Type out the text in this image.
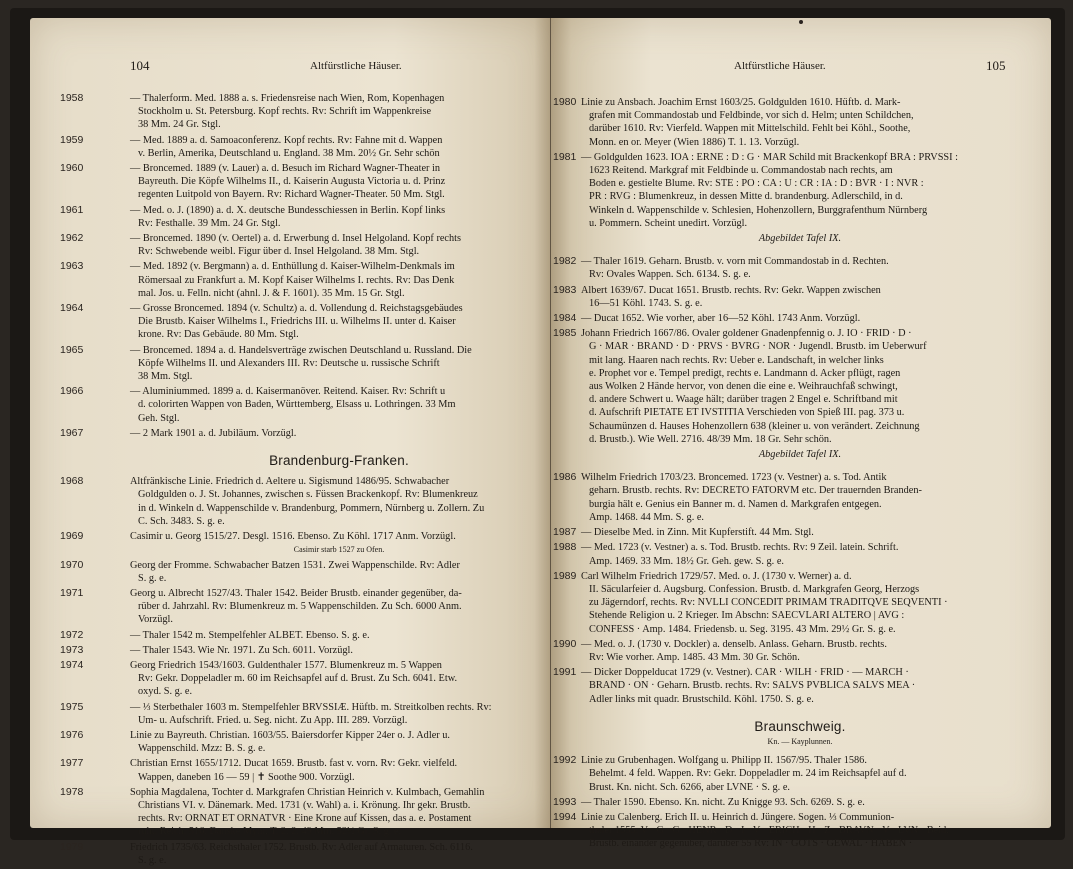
104	Altfürstliche Häuser.
1958	— Thalerform. Med. 1888 a. s. Friedensreise nach Wien, Rom, Kopenhagen
Stockholm u. St. Petersburg. Kopf rechts. Rv: Schrift im Wappenkreise
38 Mm. 24 Gr. Stgl.
1959	— Med. 1889 a. d. Samoaconferenz. Kopf rechts. Rv: Fahne mit d. Wappen
v. Berlin, Amerika, Deutschland u. England. 38 Mm. 20½ Gr. Sehr schön
1960	— Broncemed. 1889 (v. Lauer) a. d. Besuch im Richard Wagner-Theater in
Bayreuth. Die Köpfe Wilhelms II., d. Kaiserin Augusta Victoria u. d. Prinz
regenten Luitpold von Bayern. Rv: Richard Wagner-Theater. 50 Mm. Stgl.
1961	— Med. o. J. (1890) a. d. X. deutsche Bundesschiessen in Berlin. Kopf links
Rv: Festhalle. 39 Mm. 24 Gr. Stgl.
1962	— Broncemed. 1890 (v. Oertel) a. d. Erwerbung d. Insel Helgoland. Kopf rechts
Rv: Schwebende weibl. Figur über d. Insel Helgoland. 38 Mm. Stgl.
1963	— Med. 1892 (v. Bergmann) a. d. Enthüllung d. Kaiser-Wilhelm-Denkmals im
Römersaal zu Frankfurt a. M. Kopf Kaiser Wilhelms I. rechts. Rv: Das Denk
mal. Jos. u. Felln. nicht (ahnl. J. & F. 1601). 35 Mm. 15 Gr. Stgl.
1964	— Grosse Broncemed. 1894 (v. Schultz) a. d. Vollendung d. Reichstagsgebäudes
Die Brustb. Kaiser Wilhelms I., Friedrichs III. u. Wilhelms II. unter d. Kaiser
krone. Rv: Das Gebäude. 80 Mm. Stgl.
1965	— Broncemed. 1894 a. d. Handelsverträge zwischen Deutschland u. Russland. Die
Köpfe Wilhelms II. und Alexanders III. Rv: Deutsche u. russische Schrift
38 Mm. Stgl.
1966	— Aluminiummed. 1899 a. d. Kaisermanöver. Reitend. Kaiser. Rv: Schrift u
d. colorirten Wappen von Baden, Württemberg, Elsass u. Lothringen. 33 Mm
Geh. Stgl.
1967	— 2 Mark 1901 a. d. Jubiläum. Vorzügl.
Brandenburg-Franken.
1968	Altfränkische Linie. Friedrich d. Aeltere u. Sigismund 1486/95. Schwabacher
Goldgulden o. J. St. Johannes, zwischen s. Füssen Brackenkopf. Rv: Blumenkreuz
in d. Winkeln d. Wappenschilde v. Brandenburg, Pommern, Nürnberg u. Zollern. Zu
C. Sch. 3483. S. g. e.
1969	Casimir u. Georg 1515/27. Desgl. 1516. Ebenso. Zu Köhl. 1717 Anm. Vorzügl.
Casimir starb 1527 zu Ofen.
1970	Georg der Fromme. Schwabacher Batzen 1531. Zwei Wappenschilde. Rv: Adler
S. g. e.
1971	Georg u. Albrecht 1527/43. Thaler 1542. Beider Brustb. einander gegenüber, da-
rüber d. Jahrzahl. Rv: Blumenkreuz m. 5 Wappenschilden. Zu Sch. 6000 Anm.
Vorzügl.
1972	— Thaler 1542 m. Stempelfehler ALBET. Ebenso. S. g. e.
1973	— Thaler 1543. Wie Nr. 1971. Zu Sch. 6011. Vorzügl.
1974	Georg Friedrich 1543/1603. Guldenthaler 1577. Blumenkreuz m. 5 Wappen
Rv: Gekr. Doppeladler m. 60 im Reichsapfel auf d. Brust. Zu Sch. 6041. Etw.
oxyd. S. g. e.
1975	— ⅓ Sterbethaler 1603 m. Stempelfehler BRVSSIÆ. Hüftb. m. Streitkolben rechts. Rv:
Um- u. Aufschrift. Fried. u. Seg. nicht. Zu App. III. 289. Vorzügl.
1976	Linie zu Bayreuth. Christian. 1603/55. Baiersdorfer Kipper 24er o. J. Adler u.
Wappenschild. Mzz: B. S. g. e.
1977	Christian Ernst 1655/1712. Ducat 1659. Brustb. fast v. vorn. Rv: Gekr. vielfeld.
Wappen, daneben 16 — 59 | ✝ Soothe 900. Vorzügl.
1978	Sophia Magdalena, Tochter d. Markgrafen Christian Heinrich v. Kulmbach, Gemahlin
Christians VI. v. Dänemark. Med. 1731 (v. Wahl) a. i. Krönung. Ihr gekr. Brustb.
rechts. Rv: ORNAT ET ORNATVR · Eine Krone auf Kissen, das a. e. Postament
ruht. Reich. 516. Danske Mynt. T. 2. 2. 49 Mm. 52½ Gr. S. g. e.
1979	Friedrich 1735/63. Reichsthaler 1752. Brustb. Rv: Adler auf Armaturen. Sch. 6116.
S. g. e.
Altfürstliche Häuser.	105
1980 Linie zu Ansbach. Joachim Ernst 1603/25. Goldgulden 1610. Hüftb. d. Mark-
grafen mit Commandostab und Feldbinde, vor sich d. Helm; unten Schildchen,
darüber 1610. Rv: Vierfeld. Wappen mit Mittelschild. Fehlt bei Köhl., Soothe,
Monn. en or. Meyer (Wien 1886) T. 1. 13. Vorzügl.
1981 — Goldgulden 1623. IOA : ERNE : D : G · MAR Schild mit Brackenkopf BRA : PRVSSI :
1623 Reitend. Markgraf mit Feldbinde u. Commandostab nach rechts, am
Boden e. gestielte Blume. Rv: STE : PO : CA : U : CR : IA : D : BVR · I : NVR :
PR : RVG : Blumenkreuz, in dessen Mitte d. brandenburg. Adlerschild, in d.
Winkeln d. Wappenschilde v. Schlesien, Hohenzollern, Burggrafenthum Nürnberg
u. Pommern. Scheint unedirt. Vorzügl.
Abgebildet Tafel IX.
1982 — Thaler 1619. Geharn. Brustb. v. vorn mit Commandostab in d. Rechten.
Rv: Ovales Wappen. Sch. 6134. S. g. e.
1983 Albert 1639/67. Ducat 1651. Brustb. rechts. Rv: Gekr. Wappen zwischen
16—51 Köhl. 1743. S. g. e.
1984 — Ducat 1652. Wie vorher, aber 16—52 Köhl. 1743 Anm. Vorzügl.
1985 Johann Friedrich 1667/86. Ovaler goldener Gnadenpfennig o. J. IO · FRID · D ·
G · MAR · BRAND · D · PRVS · BVRG · NOR · Jugendl. Brustb. im Ueberwurf
mit lang. Haaren nach rechts. Rv: Ueber e. Landschaft, in welcher links
e. Prophet vor e. Tempel predigt, rechts e. Landmann d. Acker pflügt, ragen
aus Wolken 2 Hände hervor, von denen die eine e. Weihrauchfaß schwingt,
d. andere Schwert u. Waage hält; darüber tragen 2 Engel e. Schriftband mit
d. Aufschrift PIETATE ET IVSTITIA Verschieden von Spieß III. pag. 373 u.
Schaumünzen d. Hauses Hohenzollern 638 (kleiner u. von verändert. Zeichnung
d. Brustb.). Wie Well. 2716. 48/39 Mm. 18 Gr. Sehr schön.
Abgebildet Tafel IX.
1986 Wilhelm Friedrich 1703/23. Broncemed. 1723 (v. Vestner) a. s. Tod. Antik
geharn. Brustb. rechts. Rv: DECRETO FATORVM etc. Der trauernden Branden-
burgia hält e. Genius ein Banner m. d. Namen d. Markgrafen entgegen.
Amp. 1468. 44 Mm. S. g. e.
1987 — Dieselbe Med. in Zinn. Mit Kupferstift. 44 Mm. Stgl.
1988 — Med. 1723 (v. Vestner) a. s. Tod. Brustb. rechts. Rv: 9 Zeil. latein. Schrift.
Amp. 1469. 33 Mm. 18½ Gr. Geh. gew. S. g. e.
1989 Carl Wilhelm Friedrich 1729/57. Med. o. J. (1730 v. Werner) a. d.
II. Säcularfeier d. Augsburg. Confession. Brustb. d. Markgrafen Georg, Herzogs
zu Jägerndorf, rechts. Rv: NVLLI CONCEDIT PRIMAM TRADITQVE SEQVENTI ·
Stehende Religion u. 2 Krieger. Im Abschn: SAECVLARI ALTERO | AVG :
CONFESS · Amp. 1484. Friedensb. u. Seg. 3195. 43 Mm. 29½ Gr. S. g. e.
1990 — Med. o. J. (1730 v. Dockler) a. denselb. Anlass. Geharn. Brustb. rechts.
Rv: Wie vorher. Amp. 1485. 43 Mm. 30 Gr. Schön.
1991 — Dicker Doppelducat 1729 (v. Vestner). CAR · WILH · FRID · — MARCH ·
BRAND · ON · Geharn. Brustb. rechts. Rv: SALVS PVBLICA SALVS MEA ·
Adler links mit quadr. Brustschild. Köhl. 1750. S. g. e.
Braunschweig.
Kn. — Kayplunnen.
1992 Linie zu Grubenhagen. Wolfgang u. Philipp II. 1567/95. Thaler 1586.
Behelmt. 4 feld. Wappen. Rv: Gekr. Doppeladler m. 24 im Reichsapfel auf d.
Brust. Kn. nicht. Sch. 6266, aber LVNE · S. g. e.
1993 — Thaler 1590. Ebenso. Kn. nicht. Zu Knigge 93. Sch. 6269. S. g. e.
1994 Linie zu Calenberg. Erich II. u. Heinrich d. Jüngere. Sogen. ⅓ Communion-
thaler 1555. V · G · G · HENR · D · I · V · ERICH · H · Z · BRAVN · V · LVN · Beid.
Brustb. einander gegenüber, darüber 55 Rv: IN · GOTS · GEWAL · HABEN ·
